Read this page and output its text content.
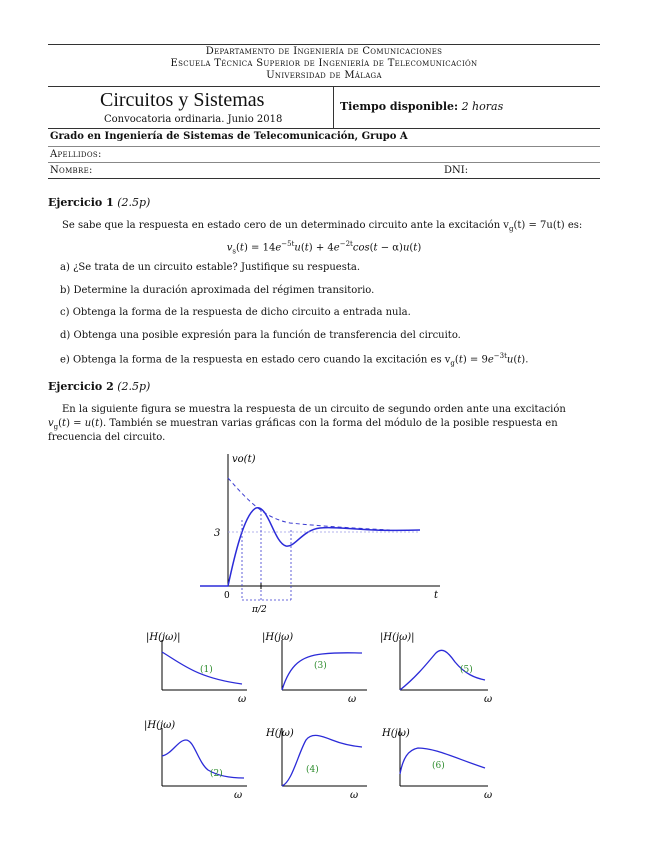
Departamento de Ingeniería de Comunicaciones
Escuela Técnica Superior de Ingeniería de Telecomunicación
Universidad de Málaga
Circuitos y Sistemas
Convocatoria ordinaria. Junio 2018
Tiempo disponible: 2 horas
Grado en Ingeniería de Sistemas de Telecomunicación, Grupo A
Apellidos:
Nombre:	DNI:
Ejercicio 1 (2.5p)
Se sabe que la respuesta en estado cero de un determinado circuito ante la excitación $v_g(t) = 7u(t)$ es:
$v_s(t) = 14e^{-5t}u(t) + 4e^{-2t}\cos(t - \alpha)u(t)$
a) ¿Se trata de un circuito estable? Justifique su respuesta.
b) Determine la duración aproximada del régimen transitorio.
c) Obtenga la forma de la respuesta de dicho circuito a entrada nula.
d) Obtenga una posible expresión para la función de transferencia del circuito.
e) Obtenga la forma de la respuesta en estado cero cuando la excitación es $v_g(t) = 9e^{-3t}u(t)$.
Ejercicio 2 (2.5p)
En la siguiente figura se muestra la respuesta de un circuito de segundo orden ante una excitación
$v_g(t) = u(t)$. También se muestran varias gráficas con la forma del módulo de la posible respuesta en
frecuencia del circuito.
vo(t)
t
3
0
π/2
|H(jω)|
(1)
ω
|H(jω)
(3)
ω
|H(jω)|
(5)
ω
|H(jω)
(2)
ω
H(jω)
(4)
ω
H(jω)
(6)
ω
